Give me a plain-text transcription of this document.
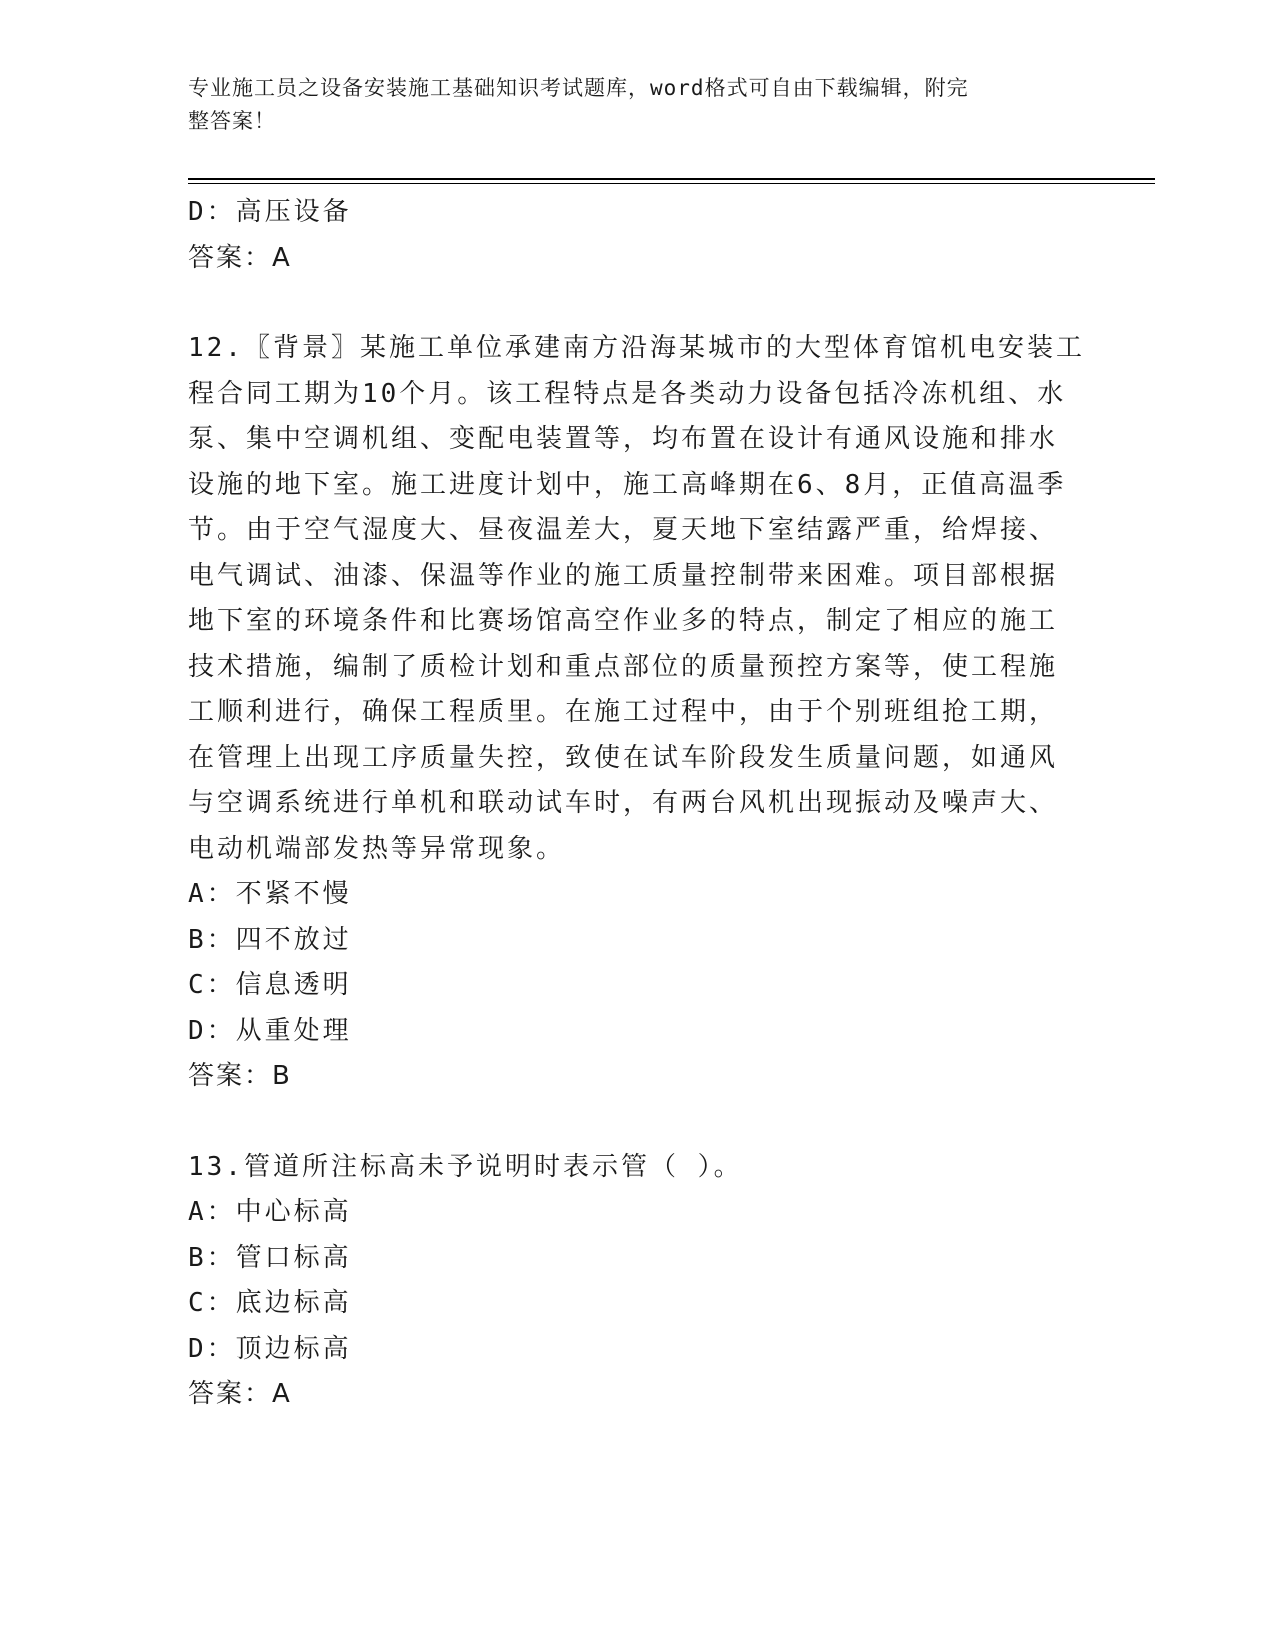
专业施工员之设备安装施工基础知识考试题库，word格式可自由下载编辑，附完
整答案！
D：高压设备
答案：A
12.〖背景〗某施工单位承建南方沿海某城市的大型体育馆机电安装工
程合同工期为10个月。该工程特点是各类动力设备包括冷冻机组、水
泵、集中空调机组、变配电装置等，均布置在设计有通风设施和排水
设施的地下室。施工进度计划中，施工高峰期在6、8月，正值高温季
节。由于空气湿度大、昼夜温差大，夏天地下室结露严重，给焊接、
电气调试、油漆、保温等作业的施工质量控制带来困难。项目部根据
地下室的环境条件和比赛场馆高空作业多的特点，制定了相应的施工
技术措施，编制了质检计划和重点部位的质量预控方案等，使工程施
工顺利进行，确保工程质里。在施工过程中，由于个别班组抢工期，
在管理上出现工序质量失控，致使在试车阶段发生质量问题，如通风
与空调系统进行单机和联动试车时，有两台风机出现振动及噪声大、
电动机端部发热等异常现象。
A：不紧不慢
B：四不放过
C：信息透明
D：从重处理
答案：B
13.管道所注标高未予说明时表示管（ ）。
A：中心标高
B：管口标高
C：底边标高
D：顶边标高
答案：A
